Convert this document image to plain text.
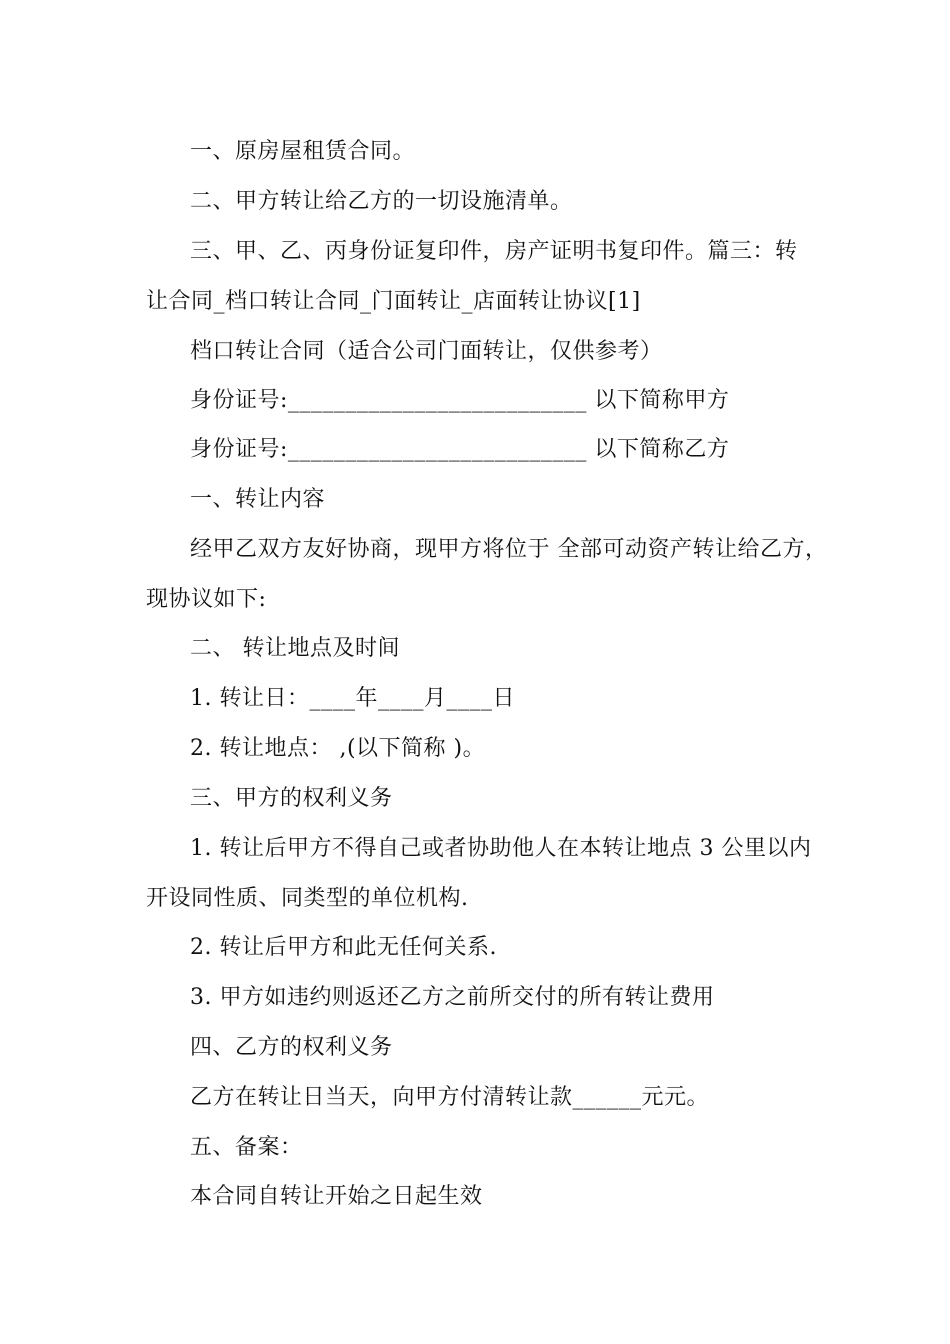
一、原房屋租赁合同。
二、甲方转让给乙方的一切设施清单。
三、甲、乙、丙身份证复印件，房产证明书复印件。篇三：转
让合同_档口转让合同_门面转让_店面转让协议[1]
档口转让合同（适合公司门面转让，仅供参考）
身份证号:__________________________ 以下简称甲方
身份证号:__________________________ 以下简称乙方
一、转让内容
经甲乙双方友好协商，现甲方将位于 全部可动资产转让给乙方，
现协议如下:
二、 转让地点及时间
1. 转让日：____年____月____日
2. 转让地点： ,(以下简称 )。
三、甲方的权利义务
1. 转让后甲方不得自己或者协助他人在本转让地点 3 公里以内
开设同性质、同类型的单位机构.
2. 转让后甲方和此无任何关系.
3. 甲方如违约则返还乙方之前所交付的所有转让费用
四、乙方的权利义务
乙方在转让日当天，向甲方付清转让款______元元。
五、备案：
本合同自转让开始之日起生效
